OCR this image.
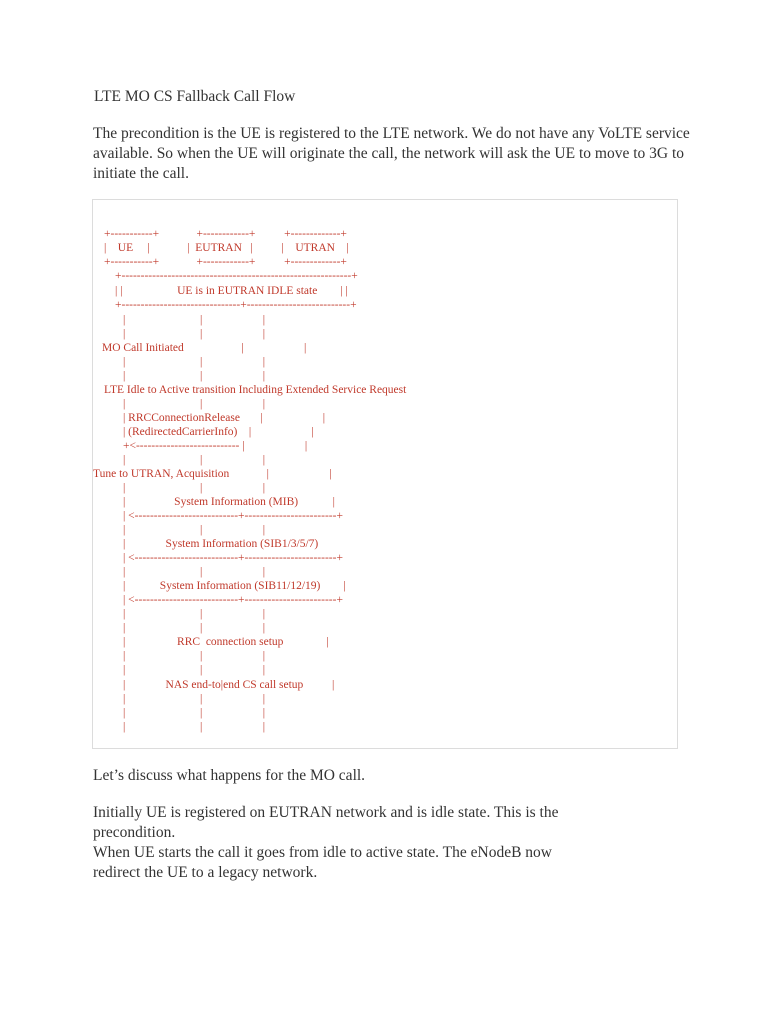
LTE MO CS Fallback Call Flow
The precondition is the UE is registered to the LTE network. We do not have any VoLTE service available. So when the UE will originate the call, the network will ask the UE to move to 3G to initiate the call.
+-----------+             +------------+          +-------------+
|    UE     |             |  EUTRAN   |          |    UTRAN    |
+-----------+             +------------+          +-------------+
+------------------------------------------------------------+
| |                   UE is in EUTRAN IDLE state        | |
+-------------------------------+---------------------------+
|                          |                     |
|                          |                     |
MO Call Initiated                    |                     |
|                          |                     |
|                          |                     |
LTE Idle to Active transition Including Extended Service Request
|                          |                     |
| RRCConnectionRelease       |                     |
| (RedirectedCarrierInfo)    |                     |
+<--------------------------- |                     |
|                          |                     |
Tune to UTRAN, Acquisition             |                     |
|                          |                     |
|                 System Information (MIB)            |
| <---------------------------+------------------------+
|                          |                     |
|              System Information (SIB1/3/5/7)
| <---------------------------+------------------------+
|                          |                     |
|            System Information (SIB11/12/19)        |
| <---------------------------+------------------------+
|                          |                     |
|                          |                     |
|                  RRC  connection setup               |
|                          |                     |
|                          |                     |
|              NAS end-to|end CS call setup          |
|                          |                     |
|                          |                     |
|                          |                     |
Let’s discuss what happens for the MO call.
Initially UE is registered on EUTRAN network and is idle state. This is the
precondition.
When UE starts the call it goes from idle to active state. The eNodeB now
redirect the UE to a legacy network.
